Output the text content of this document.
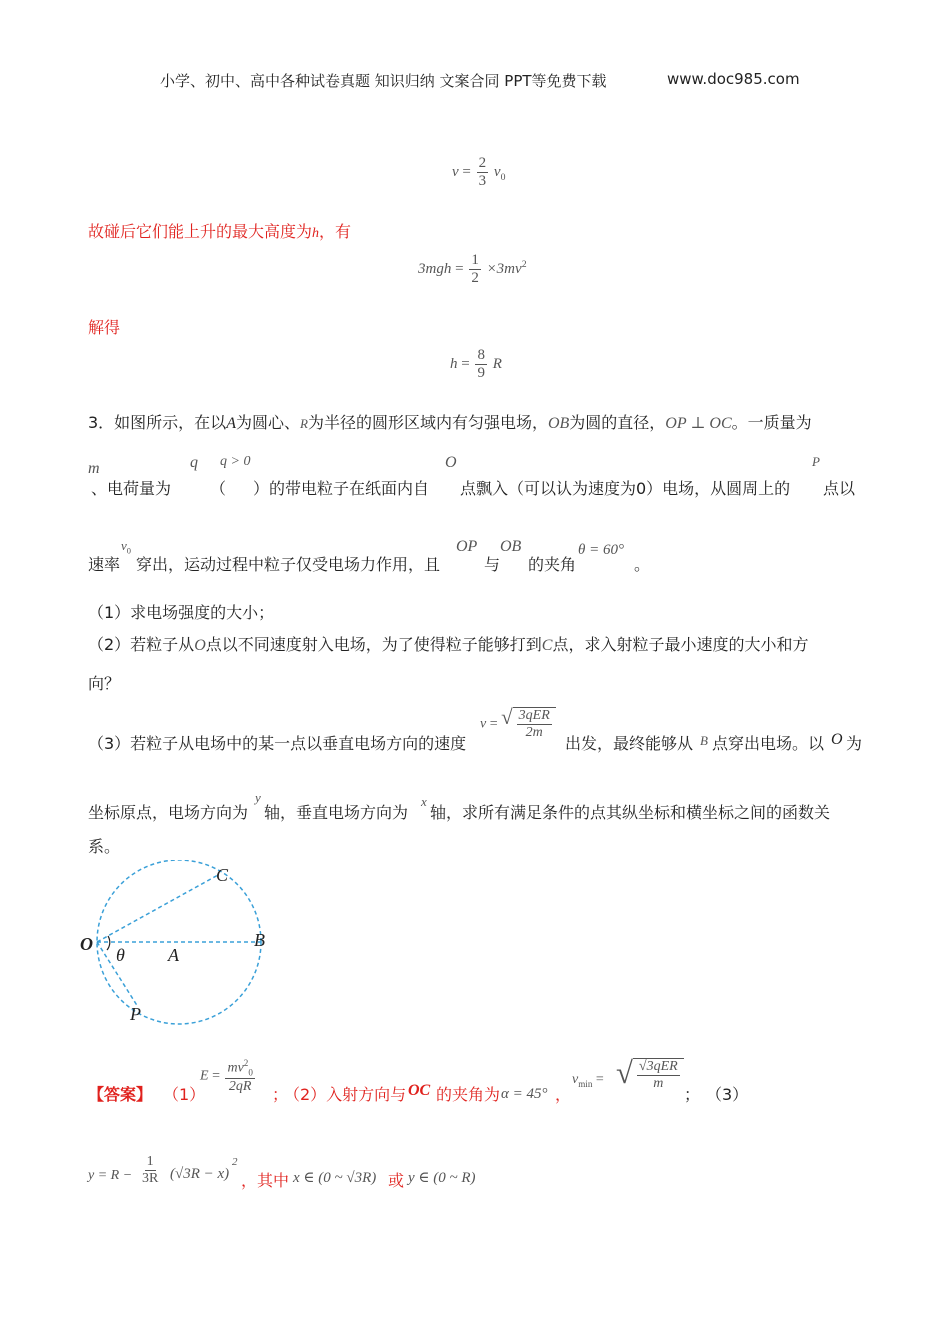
小学、初中、高中各种试卷真题 知识归纳 文案合同 PPT等免费下载	www.doc985.com
$v = \frac{2}{3} v_0$
故碰后它们能上升的最大高度为h，有
$3mgh = \frac{1}{2} \times 3mv^2$
解得
$h = \frac{8}{9}$ R
3．如图所示，在以A为圆心、R为半径的圆形区域内有匀强电场，OB为圆的直径，OP ⊥ OC。一质量为
m
、电荷量为
q
（
q > 0
）的带电粒子在纸面内自
O
点飘入（可以认为速度为0）电场，从圆周上的
P
点以
速率
$v_0$
穿出，运动过程中粒子仅受电场力作用，且
OP
与
OB
的夹角
θ = 60°
。
（1）求电场强度的大小；
（2）若粒子从O点以不同速度射入电场，为了使得粒子能够打到C点，求入射粒子最小速度的大小和方
向？
（3）若粒子从电场中的某一点以垂直电场方向的速度
v = √ $\frac{\text{3qER}}{2m}$
出发，最终能够从 B 点穿出电场。以 O 为
坐标原点，电场方向为
y
轴，垂直电场方向为
x
轴，求所有满足条件的点其纵坐标和横坐标之间的函数关
系。
C
O	B
θ A
P
【答案】 （1）
$E = \frac{mv^2_0}{2qR}$ ；
（2）入射方向与 OC 的夹角为 α = 45° ，
$v_{min}$ = √ $\frac{\text{√3qER}}{m}$
； （3）
$y = R - \frac{1}{3R} (√3R - x)$
2
，其中 x ∈ (0 ~ √3R) 或 y ∈ (0 ~ R)
